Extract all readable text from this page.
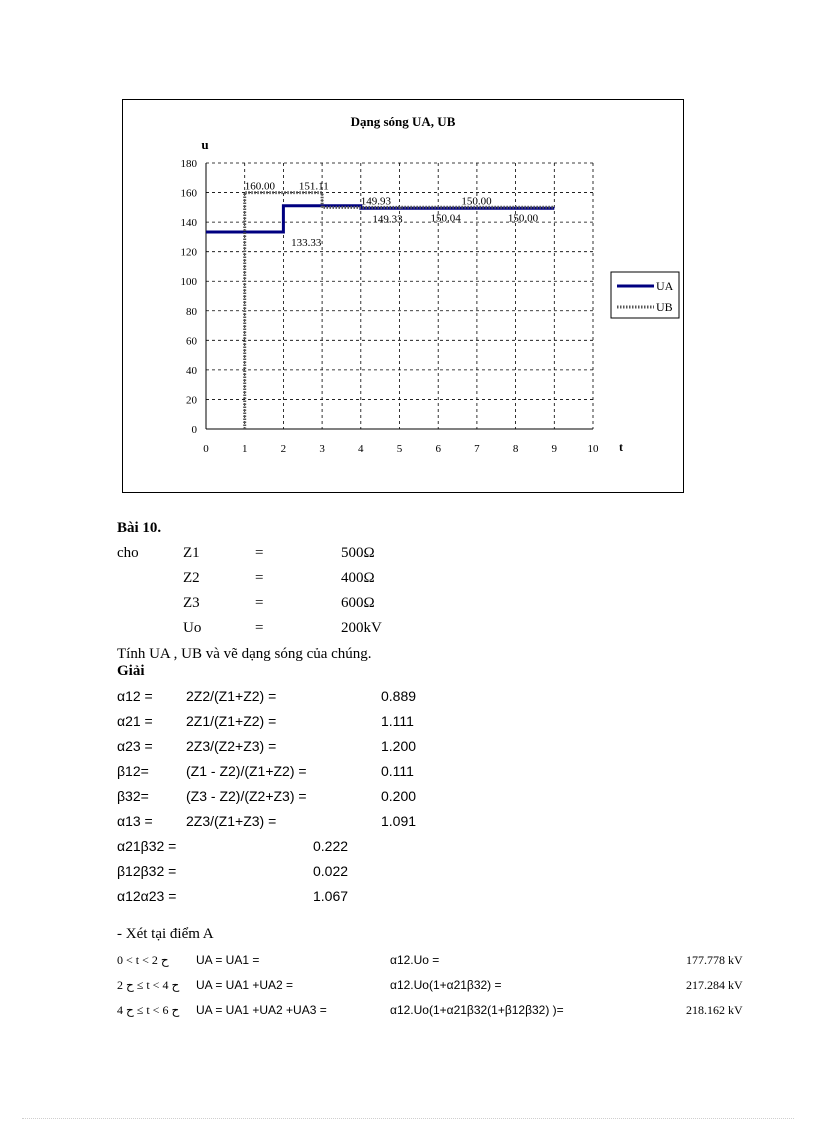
Dạng sóng UA, UB
u
t
0	1	2	3	4	5	6	7	8	9	10
0
20
40
60
80
100
120
140
160
180
160.00 151.11
133.33
149.93
149.33	150.04
150.00
150.00
UA
UB
Bài 10.
cho	Z1	=	500Ω
Z2	=	400Ω
Z3	=	600Ω
Uo	=	200kV
Tính UA , UB và vẽ dạng sóng của chúng.
Giải
α12 = 2Z2/(Z1+Z2) =	0.889
α21 = 2Z1/(Z1+Z2) =	1.111
α23 = 2Z3/(Z2+Z3) =	1.200
β12=	(Z1 - Z2)/(Z1+Z2) =	0.111
β32=	(Z3 - Z2)/(Z2+Z3) =	0.200
α13 = 2Z3/(Z1+Z3) =	1.091
α21β32 =	0.222
β12β32 =	0.022
α12α23 =	1.067
- Xét tại điểm A
0 < t < 2 ح UA = UA1 =	α12.Uo =	177.778 kV
2 ح ≤ t < 4 ح UA = UA1 +UA2 =	α12.Uo(1+α21β32) =	217.284 kV
4 ح ≤ t < 6 ح UA = UA1 +UA2 +UA3 =	α12.Uo(1+α21β32(1+β12β32) )=	218.162 kV
